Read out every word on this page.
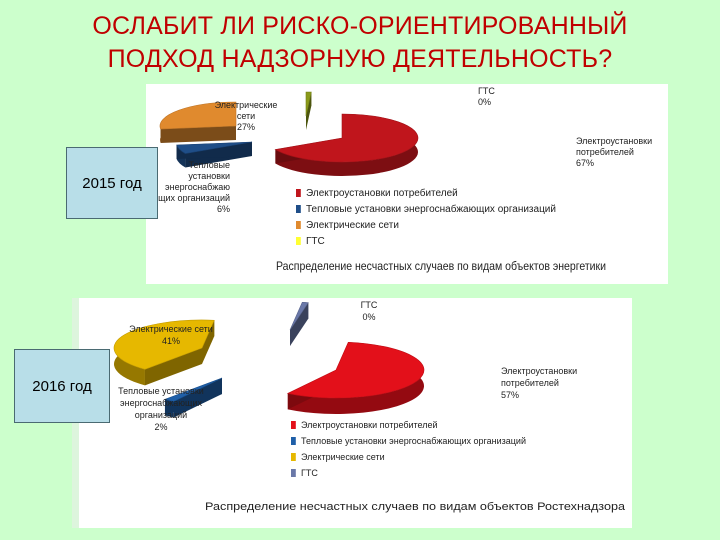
ОСЛАБИТ ЛИ РИСКО-ОРИЕНТИРОВАННЫЙ
ПОДХОД НАДЗОРНУЮ ДЕЯТЕЛЬНОСТЬ?
Электроустановки потребителей 67%
Тепловые установки энергоснабжаю щих организаций 6%
Электрические сети 27%
ГТС 0%
Электроустановки потребителей
Тепловые установки энергоснабжающих организаций
Электрические сети
ГТС
Распределение несчастных случаев по видам объектов энергетики
Электроустановки потребителей 57%
Тепловые установки энергоснабжающих организаций 2%
Электрические сети 41%
ГТС 0%
Электроустановки потребителей
Тепловые установки энергоснабжающих организаций
Электрические сети
ГТС
Распределение несчастных случаев по видам объектов Ростехнадзора
2015 год
2016 год
